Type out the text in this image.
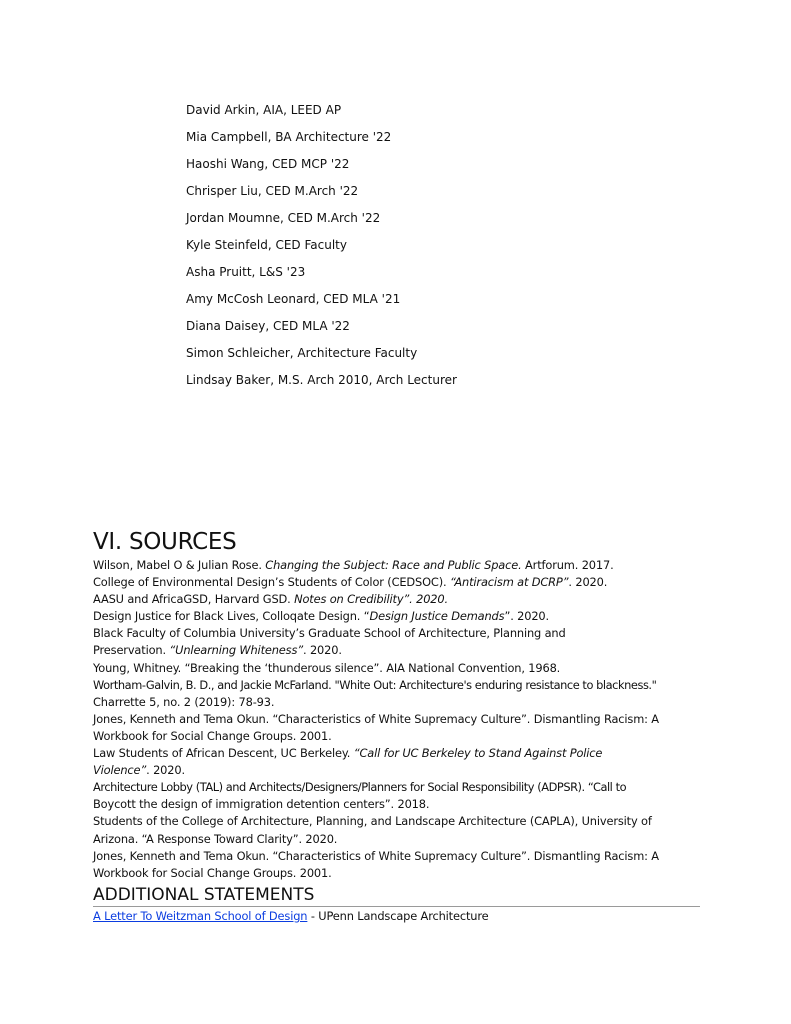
David Arkin, AIA, LEED AP
Mia Campbell, BA Architecture '22
Haoshi Wang, CED MCP '22
Chrisper Liu, CED M.Arch '22
Jordan Moumne, CED M.Arch '22
Kyle Steinfeld, CED Faculty
Asha Pruitt, L&S '23
Amy McCosh Leonard, CED MLA '21
Diana Daisey, CED MLA '22
Simon Schleicher, Architecture Faculty
Lindsay Baker, M.S. Arch 2010, Arch Lecturer
VI. SOURCES
Wilson, Mabel O & Julian Rose. Changing the Subject: Race and Public Space. Artforum. 2017.
College of Environmental Design’s Students of Color (CEDSOC). “Antiracism at DCRP”. 2020.
AASU and AfricaGSD, Harvard GSD. Notes on Credibility”. 2020.
Design Justice for Black Lives, Colloqate Design. “Design Justice Demands”. 2020.
Black Faculty of Columbia University’s Graduate School of Architecture, Planning and
Preservation. “Unlearning Whiteness”. 2020.
Young, Whitney. “Breaking the ‘thunderous silence”. AIA National Convention, 1968.
Wortham-Galvin, B. D., and Jackie McFarland. "White Out: Architecture's enduring resistance to blackness."
Charrette 5, no. 2 (2019): 78-93.
Jones, Kenneth and Tema Okun. “Characteristics of White Supremacy Culture”. Dismantling Racism: A
Workbook for Social Change Groups. 2001.
Law Students of African Descent, UC Berkeley. “Call for UC Berkeley to Stand Against Police
Violence”. 2020.
Architecture Lobby (TAL) and Architects/Designers/Planners for Social Responsibility (ADPSR). “Call to
Boycott the design of immigration detention centers”. 2018.
Students of the College of Architecture, Planning, and Landscape Architecture (CAPLA), University of
Arizona. “A Response Toward Clarity”. 2020.
Jones, Kenneth and Tema Okun. “Characteristics of White Supremacy Culture”. Dismantling Racism: A
Workbook for Social Change Groups. 2001.
ADDITIONAL STATEMENTS
A Letter To Weitzman School of Design - UPenn Landscape Architecture
